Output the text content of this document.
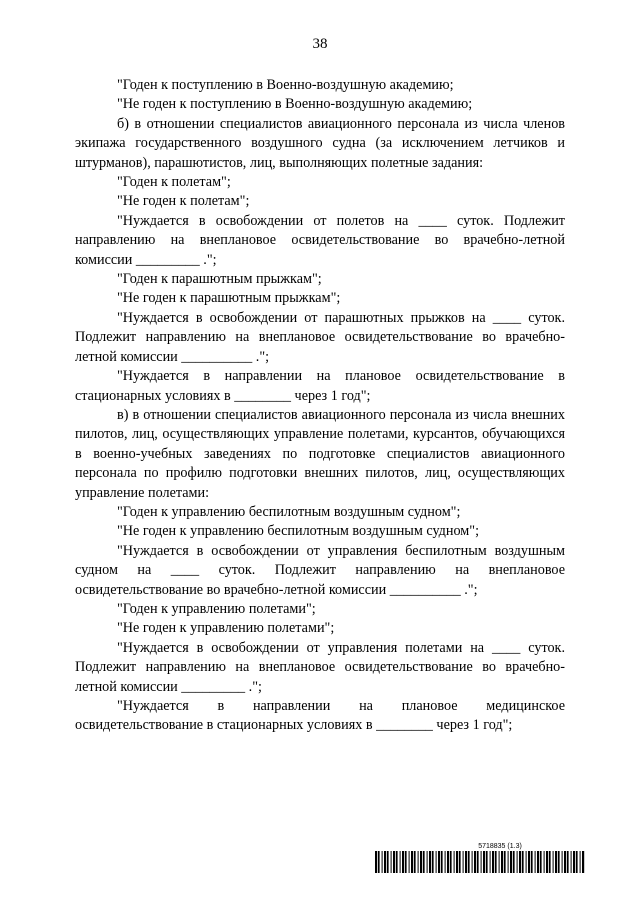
38

"Годен к поступлению в Военно-воздушную академию;

"Не годен к поступлению в Военно-воздушную академию;

б) в отношении специалистов авиационного персонала из числа членов экипажа государственного воздушного судна (за исключением летчиков и штурманов), парашютистов, лиц, выполняющих полетные задания:

"Годен к полетам";

"Не годен к полетам";

"Нуждается в освобождении от полетов на ____ суток. Подлежит направлению на внеплановое освидетельствование во врачебно-летной комиссии _________ .";

"Годен к парашютным прыжкам";

"Не годен к парашютным прыжкам";

"Нуждается в освобождении от парашютных прыжков на ____ суток. Подлежит направлению на внеплановое освидетельствование во врачебно-летной комиссии __________ .";

"Нуждается в направлении на плановое освидетельствование в стационарных условиях в ________ через 1 год";

в) в отношении специалистов авиационного персонала из числа внешних пилотов, лиц, осуществляющих управление полетами, курсантов, обучающихся в военно-учебных заведениях по подготовке специалистов авиационного персонала по профилю подготовки внешних пилотов, лиц, осуществляющих управление полетами:

"Годен к управлению беспилотным воздушным судном";

"Не годен к управлению беспилотным воздушным судном";

"Нуждается в освобождении от управления беспилотным воздушным судном на ____ суток. Подлежит направлению на внеплановое освидетельствование во врачебно-летной комиссии __________ .";

"Годен к управлению полетами";

"Не годен к управлению полетами";

"Нуждается в освобождении от управления полетами на ____ суток. Подлежит направлению на внеплановое освидетельствование во врачебно-летной комиссии _________ .";

"Нуждается в направлении на плановое медицинское освидетельствование в стационарных условиях в ________ через 1 год";

5718835 (1.3)
